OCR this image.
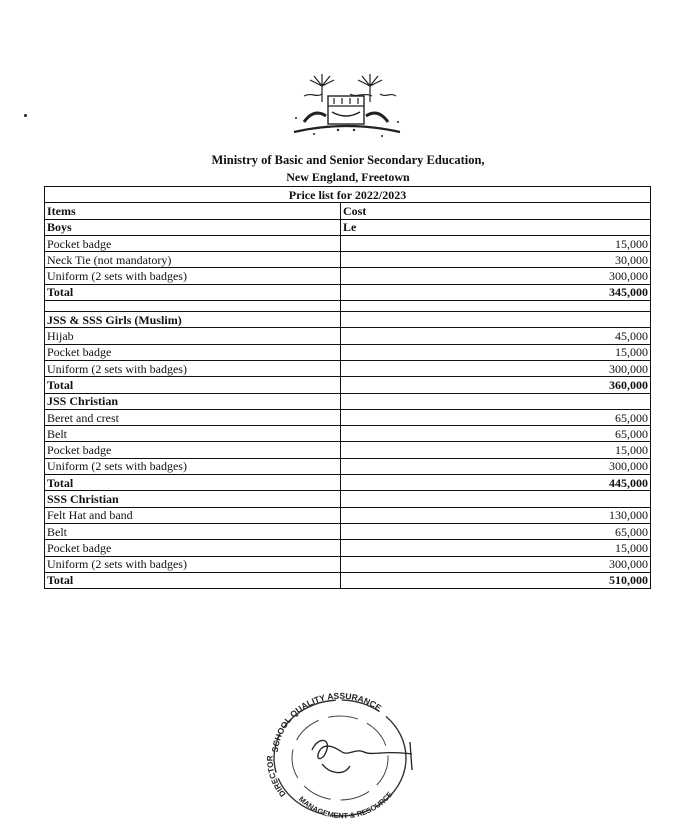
Ministry of Basic and Senior Secondary Education,
New England, Freetown
Price list for 2022/2023	
Items	Cost
Boys	Le
Pocket badge	15,000
Neck Tie (not mandatory)	30,000
Uniform (2 sets with badges)	300,000
Total	345,000

JSS & SSS Girls (Muslim)	
Hijab	45,000
Pocket badge	15,000
Uniform (2 sets with badges)	300,000
Total	360,000
JSS Christian	
Beret and crest	65,000
Belt	65,000
Pocket badge	15,000
Uniform (2 sets with badges)	300,000
Total	445,000
SSS Christian	
Felt Hat and band	130,000
Belt	65,000
Pocket badge	15,000
Uniform (2 sets with badges)	300,000
Total	510,000
SCHOOL QUALITY ASSURANCE
DIRECTOR
MANAGEMENT & RESOURCE
